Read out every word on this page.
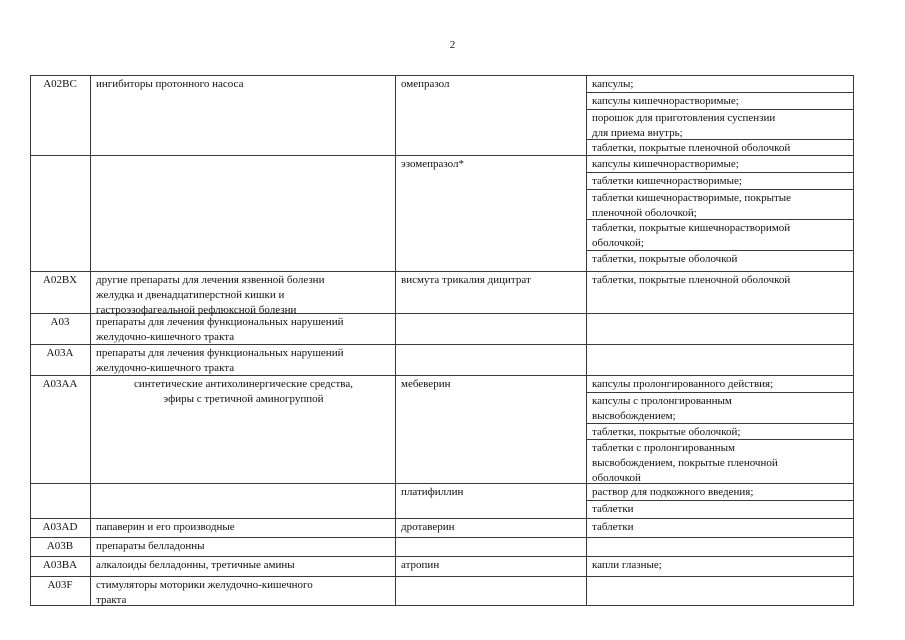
2
A02BC	ингибиторы протонного насоса	омепразол	капсулы;
капсулы кишечнорастворимые;
порошок для приготовления суспензии
для приема внутрь;
таблетки, покрытые пленочной оболочкой
эзомепразол*	капсулы кишечнорастворимые;
таблетки кишечнорастворимые;
таблетки кишечнорастворимые, покрытые
пленочной оболочкой;
таблетки, покрытые кишечнорастворимой
оболочкой;
таблетки, покрытые оболочкой
A02BX	другие препараты для лечения язвенной болезни
желудка и двенадцатиперстной кишки и
гастроэзофагеальной рефлюксной болезни
висмута трикалия дицитрат	таблетки, покрытые пленочной оболочкой
A03	препараты для лечения функциональных нарушений
желудочно-кишечного тракта
A03A	препараты для лечения функциональных нарушений
желудочно-кишечного тракта
A03AA	синтетические антихолинергические средства,
эфиры с третичной аминогруппой
мебеверин	капсулы пролонгированного действия;
капсулы с пролонгированным
высвобождением;
таблетки, покрытые оболочкой;
таблетки с пролонгированным
высвобождением, покрытые пленочной
оболочкой
платифиллин	раствор для подкожного введения;
таблетки
A03AD	папаверин и его производные	дротаверин	таблетки
A03B	препараты белладонны
A03BA	алкалоиды белладонны, третичные амины	атропин	капли глазные;
A03F	стимуляторы моторики желудочно-кишечного
тракта
